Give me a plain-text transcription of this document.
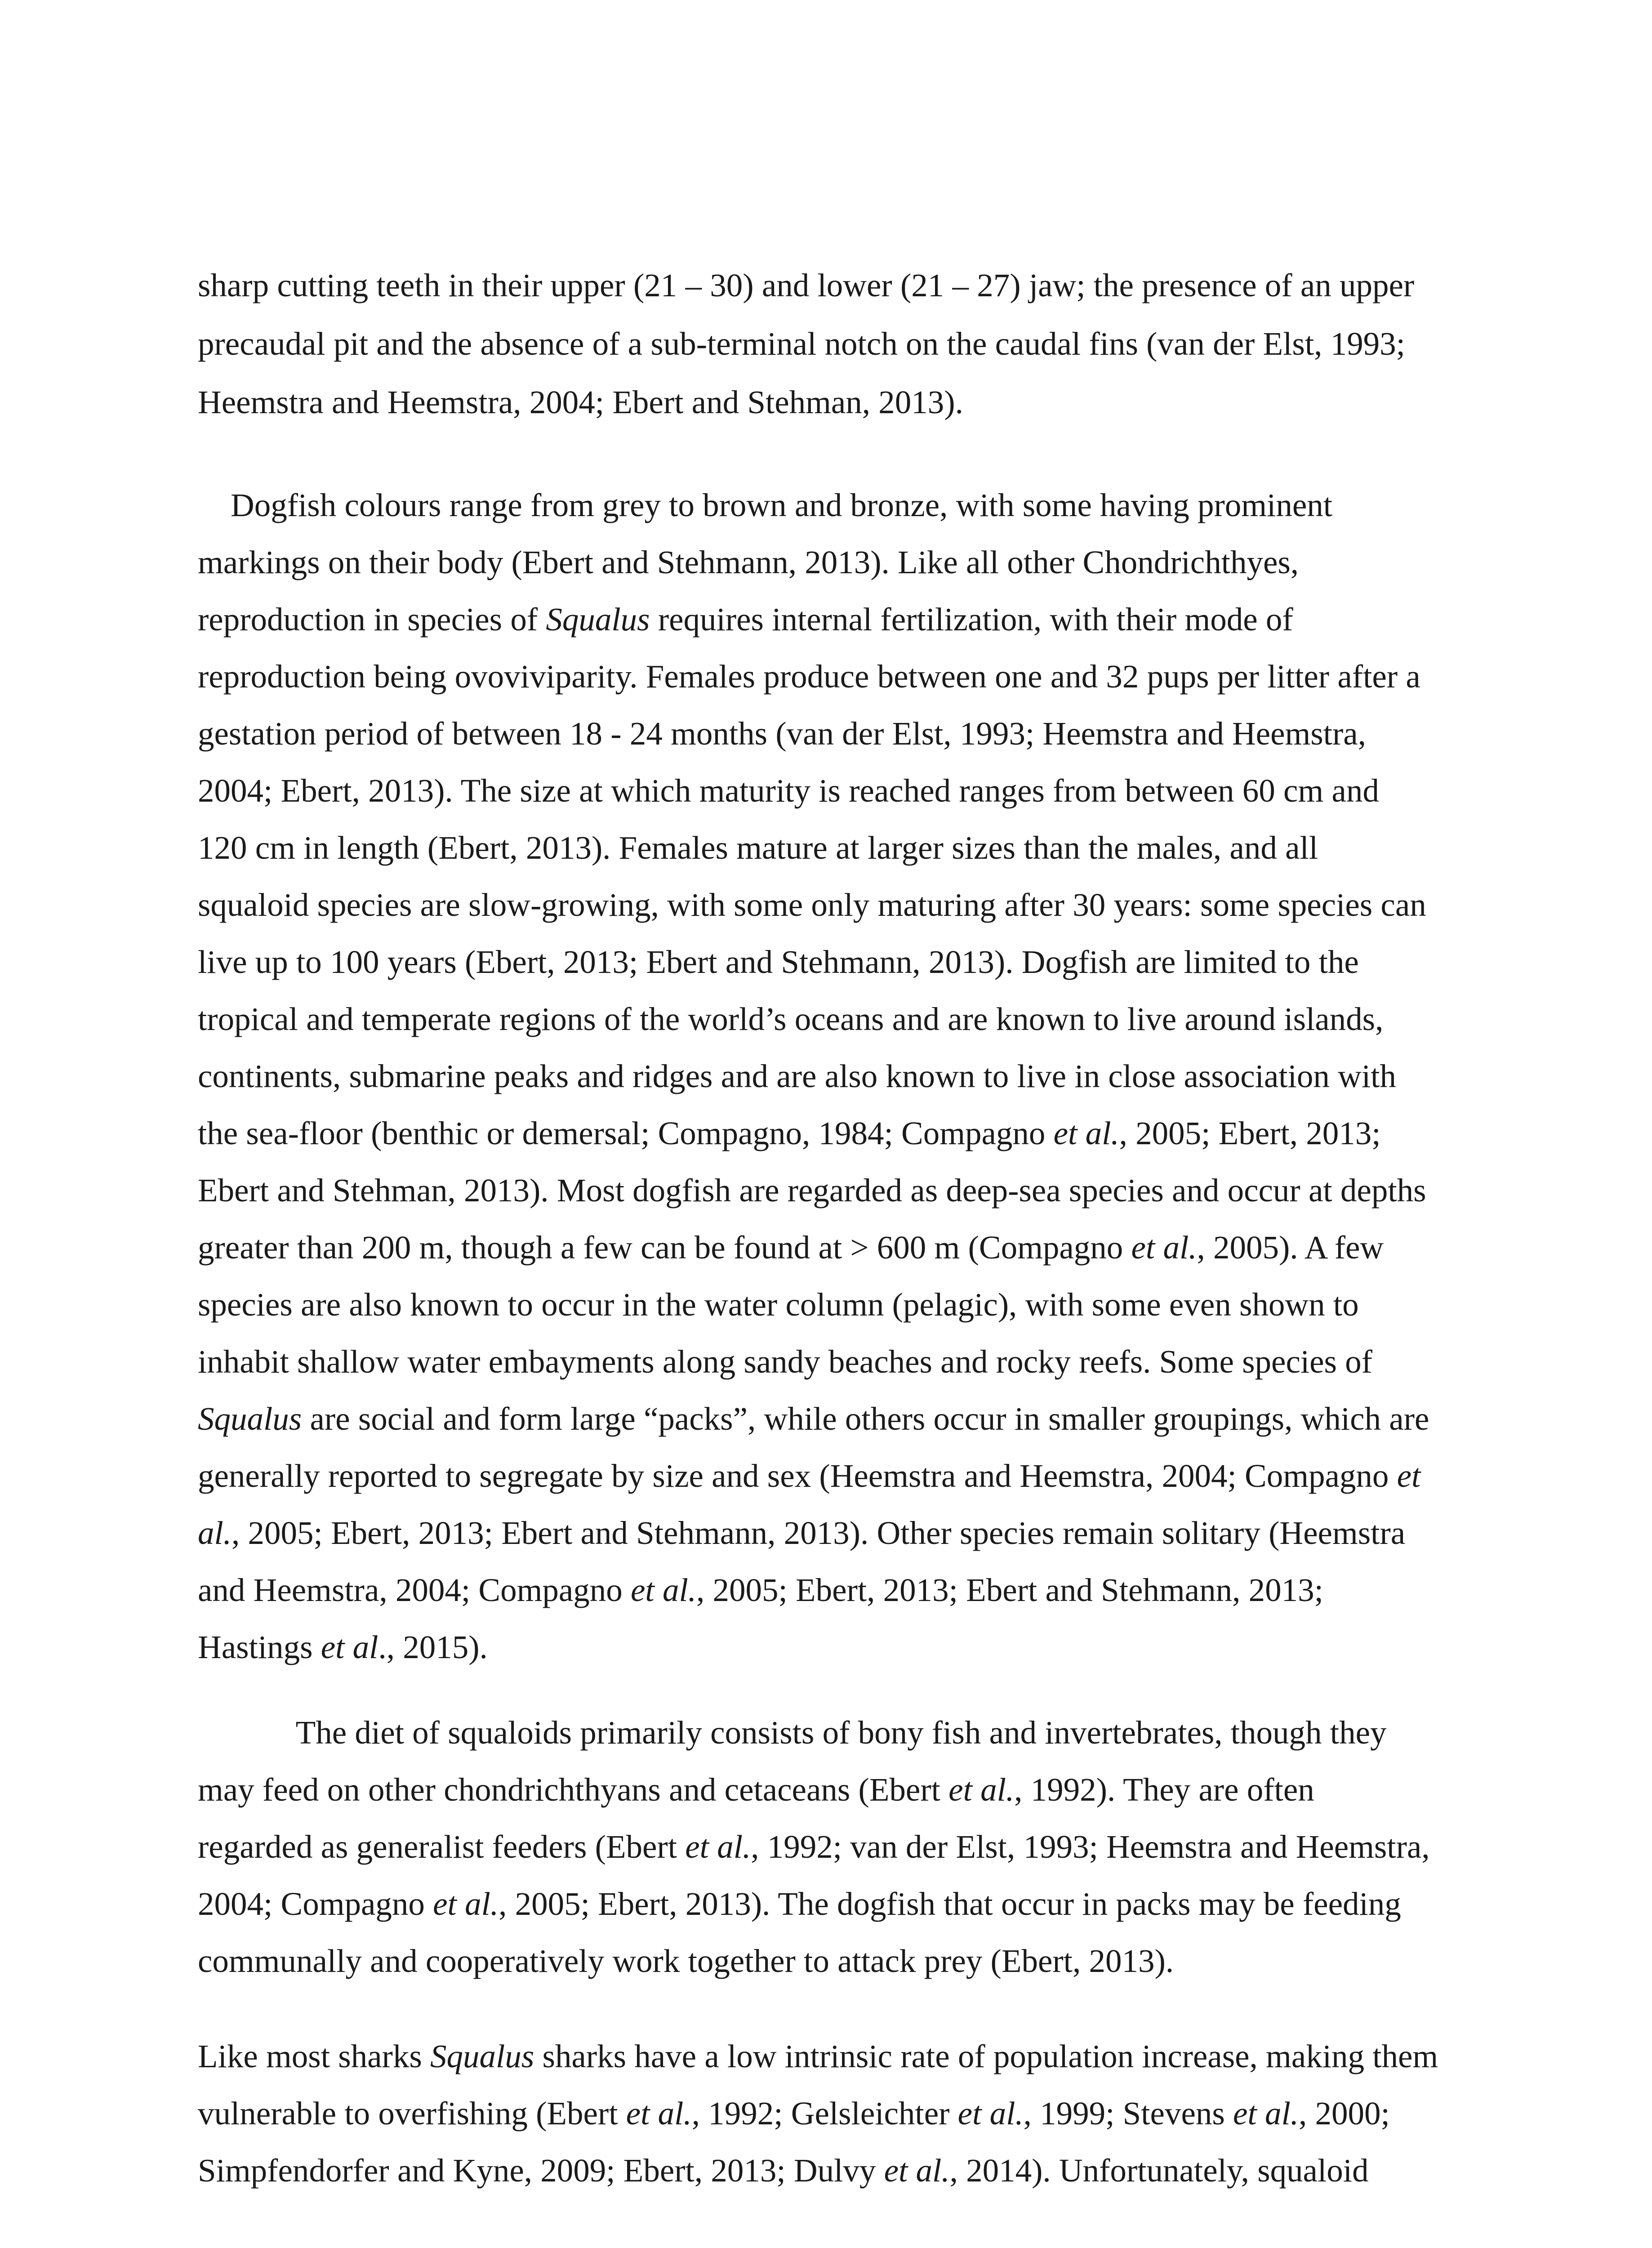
sharp cutting teeth in their upper (21 – 30) and lower (21 – 27) jaw; the presence of an upper
precaudal pit and the absence of a sub-terminal notch on the caudal fins (van der Elst, 1993;
Heemstra and Heemstra, 2004; Ebert and Stehman, 2013).
Dogfish colours range from grey to brown and bronze, with some having prominent
markings on their body (Ebert and Stehmann, 2013). Like all other Chondrichthyes,
reproduction in species of Squalus requires internal fertilization, with their mode of
reproduction being ovoviviparity. Females produce between one and 32 pups per litter after a
gestation period of between 18 - 24 months (van der Elst, 1993; Heemstra and Heemstra,
2004; Ebert, 2013). The size at which maturity is reached ranges from between 60 cm and
120 cm in length (Ebert, 2013). Females mature at larger sizes than the males, and all
squaloid species are slow-growing, with some only maturing after 30 years: some species can
live up to 100 years (Ebert, 2013; Ebert and Stehmann, 2013). Dogfish are limited to the
tropical and temperate regions of the world’s oceans and are known to live around islands,
continents, submarine peaks and ridges and are also known to live in close association with
the sea-floor (benthic or demersal; Compagno, 1984; Compagno et al., 2005; Ebert, 2013;
Ebert and Stehman, 2013). Most dogfish are regarded as deep-sea species and occur at depths
greater than 200 m, though a few can be found at > 600 m (Compagno et al., 2005). A few
species are also known to occur in the water column (pelagic), with some even shown to
inhabit shallow water embayments along sandy beaches and rocky reefs. Some species of
Squalus are social and form large “packs”, while others occur in smaller groupings, which are
generally reported to segregate by size and sex (Heemstra and Heemstra, 2004; Compagno et
al., 2005; Ebert, 2013; Ebert and Stehmann, 2013). Other species remain solitary (Heemstra
and Heemstra, 2004; Compagno et al., 2005; Ebert, 2013; Ebert and Stehmann, 2013;
Hastings et al., 2015).
The diet of squaloids primarily consists of bony fish and invertebrates, though they
may feed on other chondrichthyans and cetaceans (Ebert et al., 1992). They are often
regarded as generalist feeders (Ebert et al., 1992; van der Elst, 1993; Heemstra and Heemstra,
2004; Compagno et al., 2005; Ebert, 2013). The dogfish that occur in packs may be feeding
communally and cooperatively work together to attack prey (Ebert, 2013).
Like most sharks Squalus sharks have a low intrinsic rate of population increase, making them
vulnerable to overfishing (Ebert et al., 1992; Gelsleichter et al., 1999; Stevens et al., 2000;
Simpfendorfer and Kyne, 2009; Ebert, 2013; Dulvy et al., 2014). Unfortunately, squaloid
